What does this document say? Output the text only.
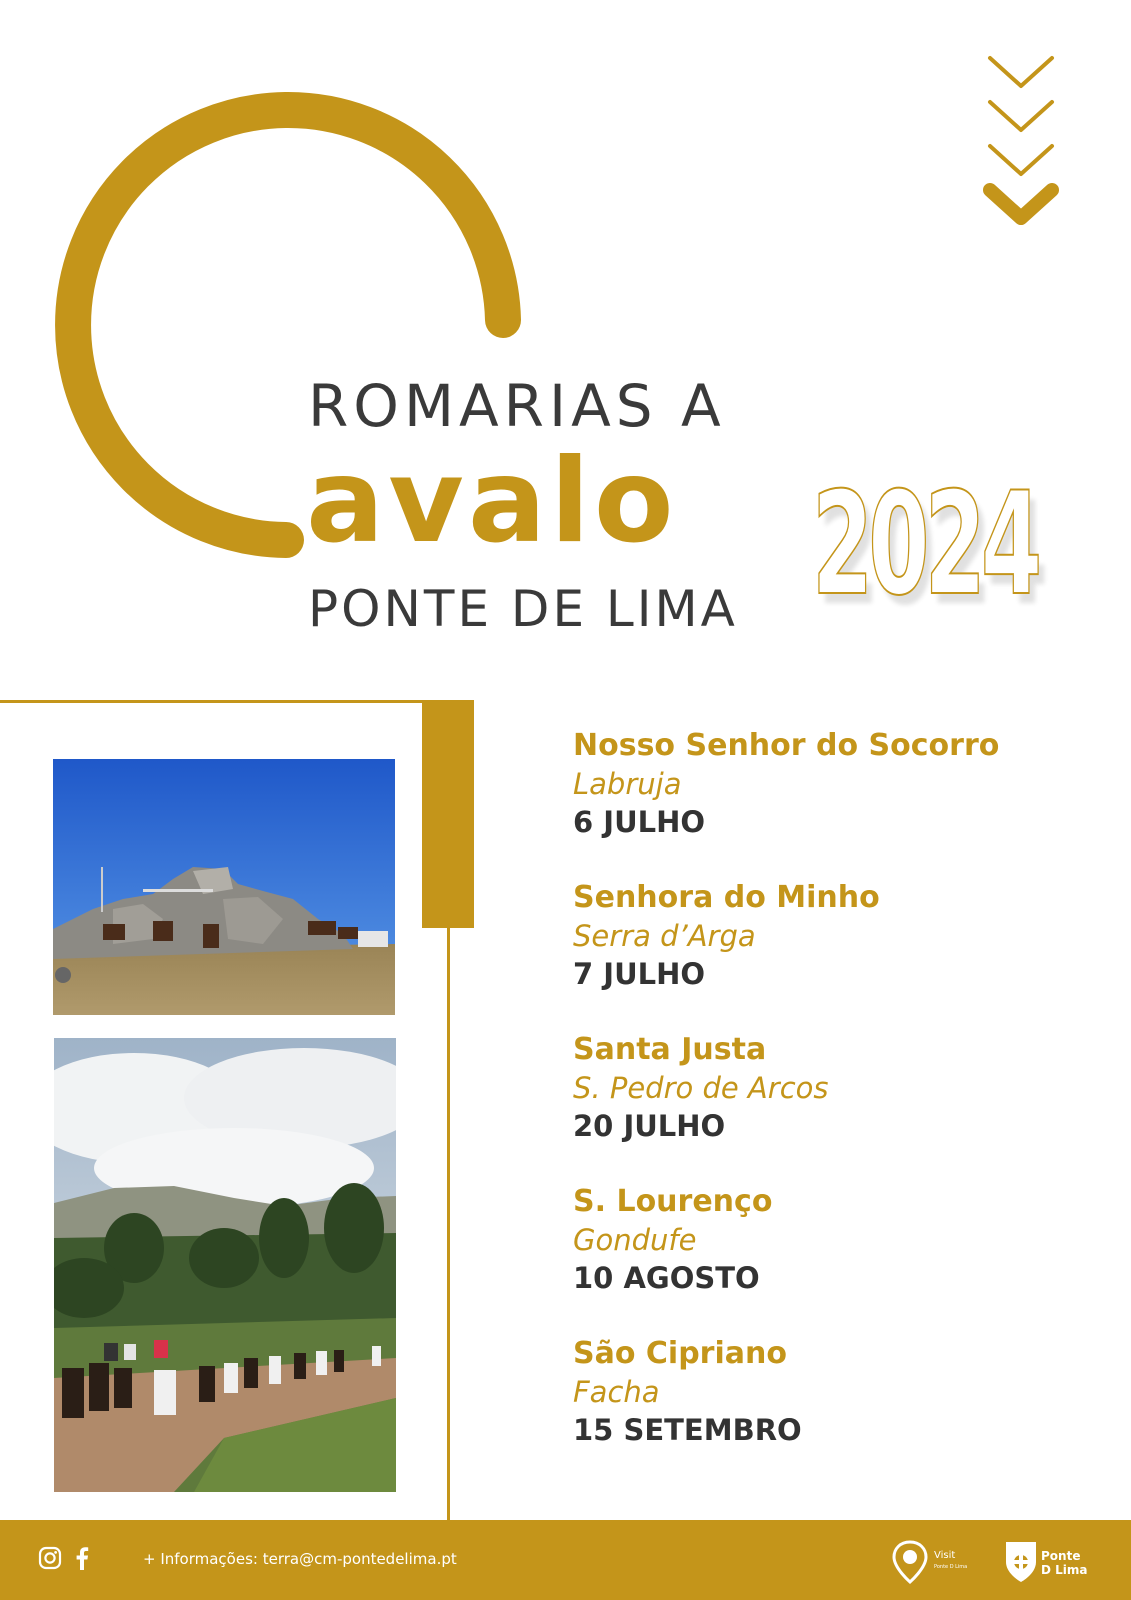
ROMARIAS A
avalo
PONTE DE LIMA 2024
Nosso Senhor do Socorro
Labruja
6 JULHO
Senhora do Minho
Serra d’Arga
7 JULHO
Santa Justa
S. Pedro de Arcos
20 JULHO
S. Lourenço
Gondufe
10 AGOSTO
São Cipriano
Facha
15 SETEMBRO
+ Informações: terra@cm-pontedelima.pt	Visit
Ponte D Lima
Ponte
D Lima
